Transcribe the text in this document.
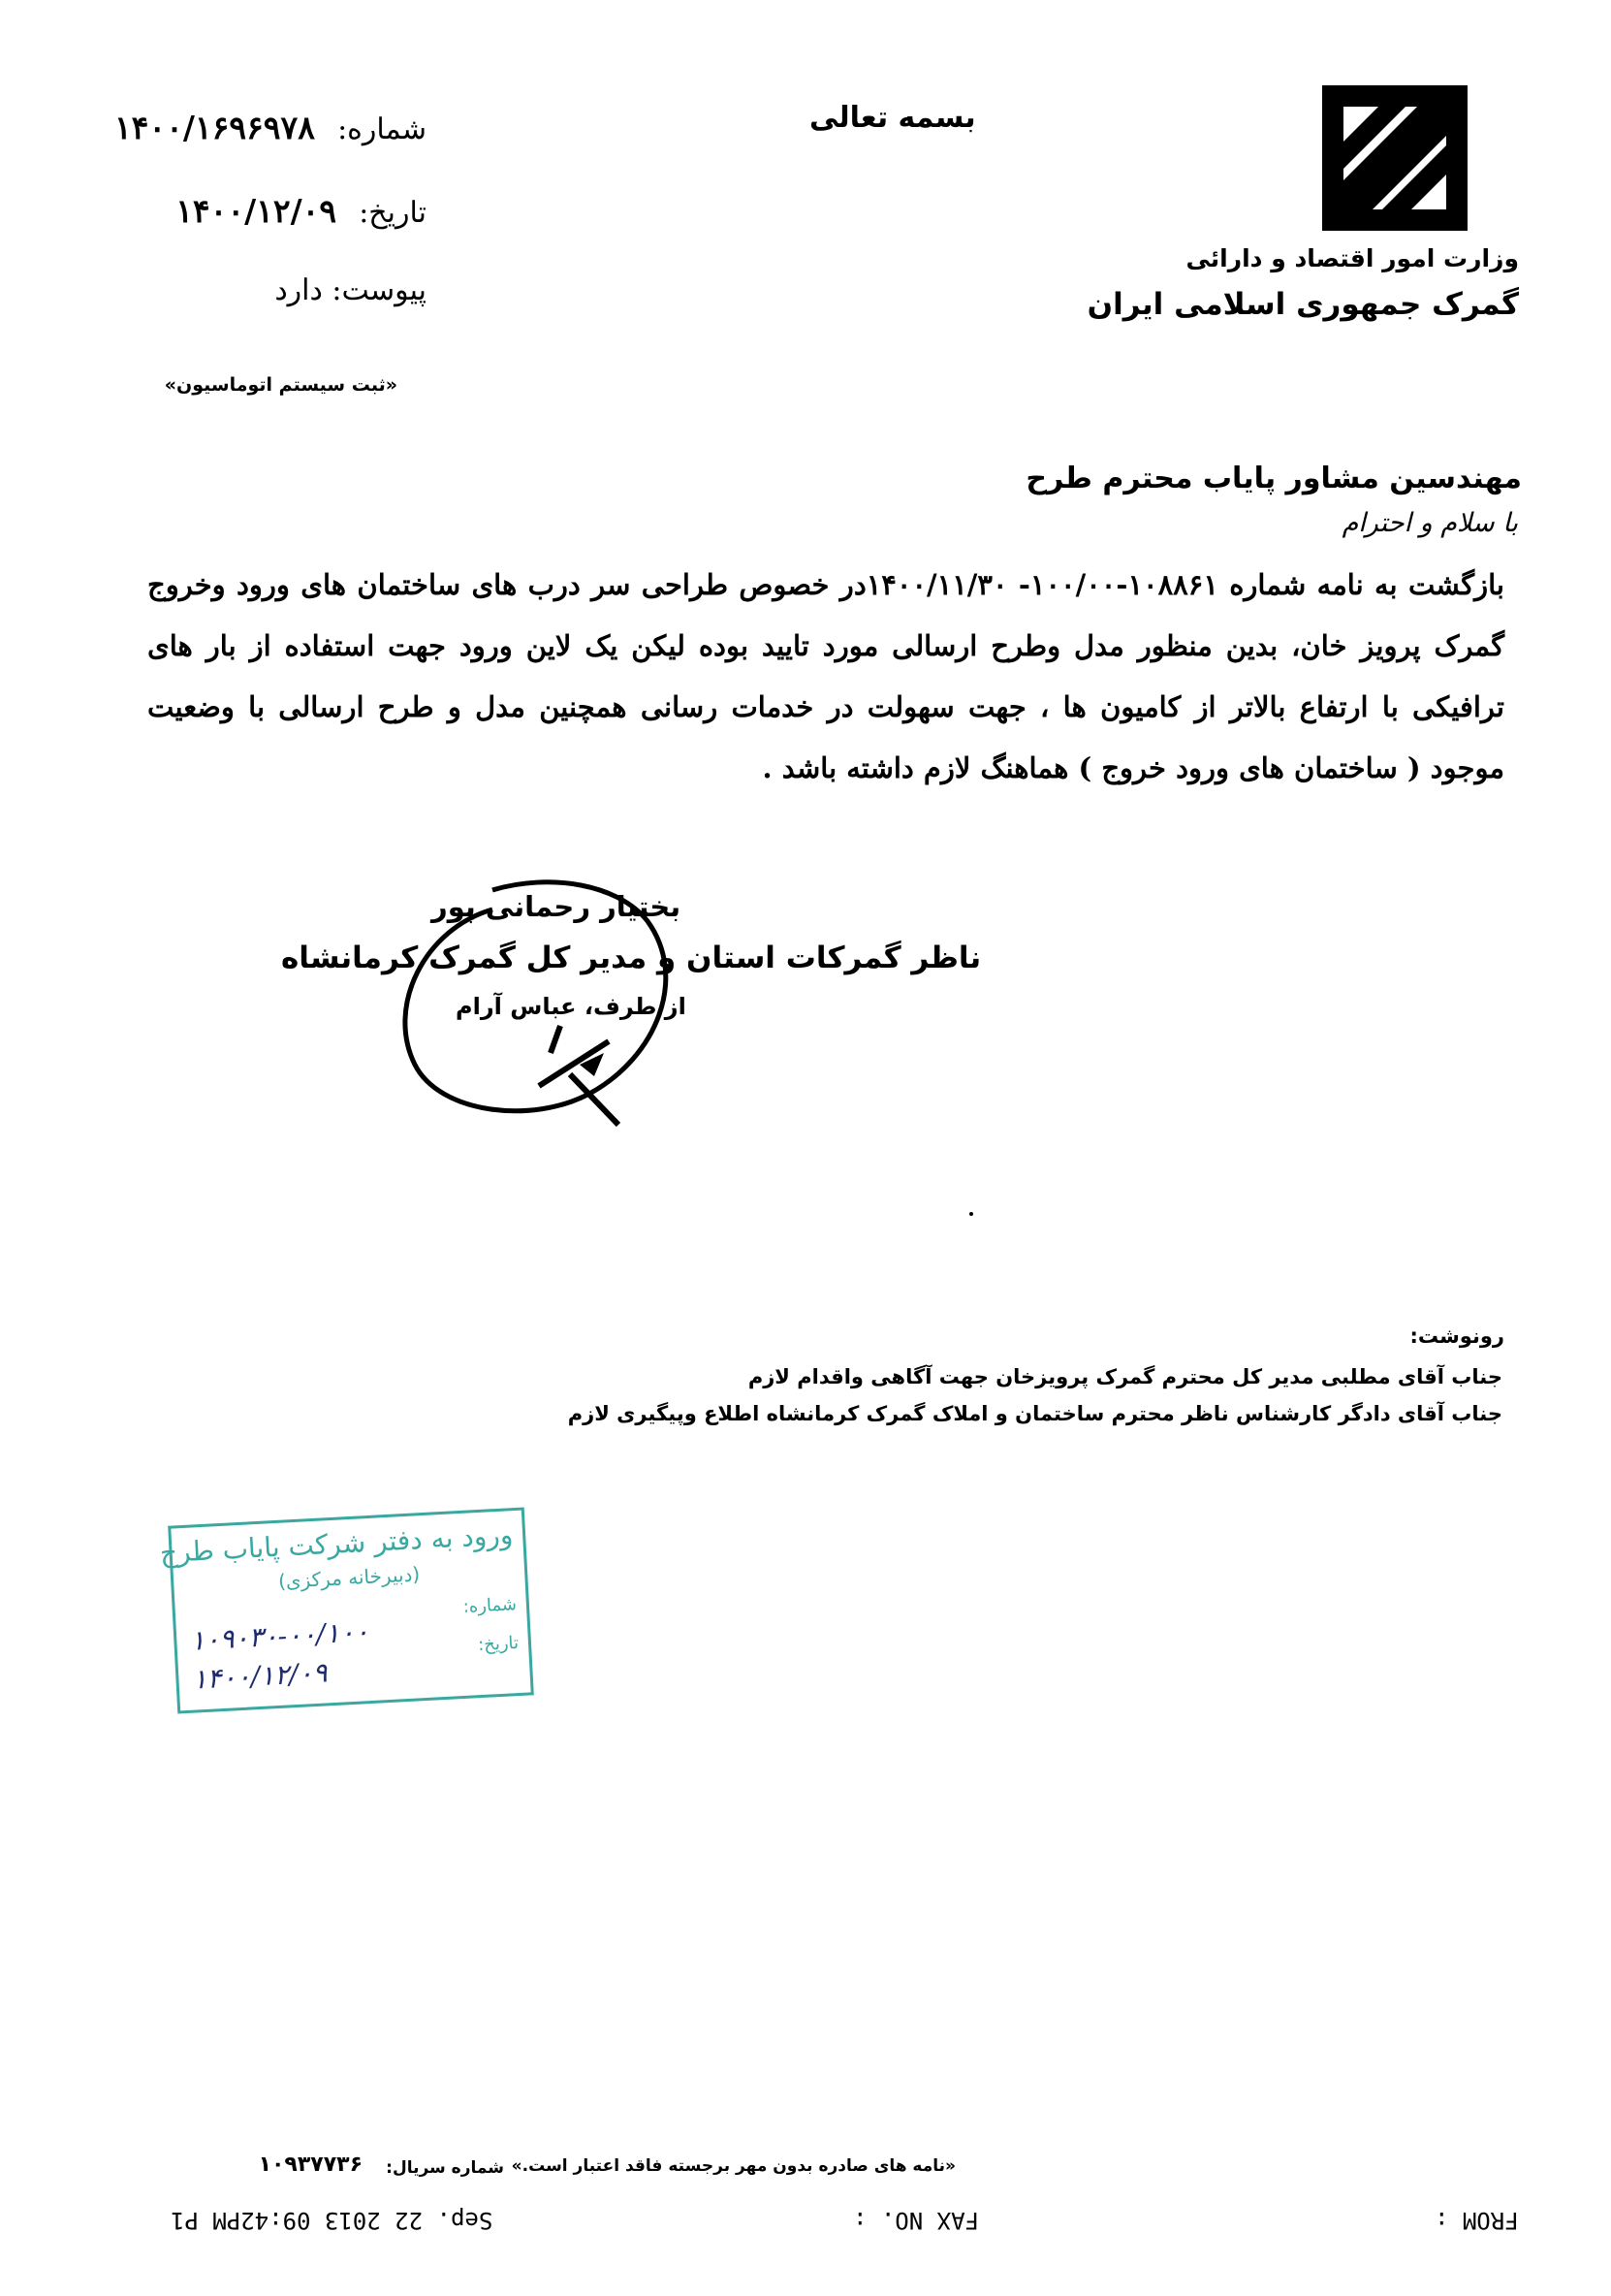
وزارت امور اقتصاد و دارائی
گمرک جمهوری اسلامی ایران
بسمه تعالی
شماره: ۱۴۰۰/۱۶۹۶۹۷۸
تاریخ: ۱۴۰۰/۱۲/۰۹
پیوست: دارد
«ثبت سیستم اتوماسیون»
مهندسین مشاور پایاب محترم طرح
با سلام و احترام
بازگشت به نامه شماره ۱۰۸۸۶۱-۱۰۰/۰۰- ۱۴۰۰/۱۱/۳۰در خصوص طراحی سر درب های ساختمان های ورود وخروج گمرک پرویز خان، بدین منظور مدل وطرح ارسالی مورد تایید بوده لیکن یک لاین ورود جهت استفاده از بار های ترافیکی با ارتفاع بالاتر از کامیون ها ، جهت سهولت در خدمات رسانی همچنین مدل و طرح ارسالی با وضعیت موجود ( ساختمان های ورود خروج ) هماهنگ لازم داشته باشد .
بختیار رحمانی پور
ناظر گمرکات استان و مدیر کل گمرک کرمانشاه
از طرف، عباس آرام
رونوشت:
جناب آقای مطلبی مدیر کل محترم گمرک پرویزخان جهت آگاهی واقدام لازم
جناب آقای دادگر کارشناس ناظر محترم ساختمان و املاک گمرک کرمانشاه اطلاع وپیگیری لازم
ورود به دفتر شرکت پایاب طرح
(دبیرخانه مرکزی)
شماره:
تاریخ:
۱۰۹۰۳۰-۰۰/۱۰۰
۱۴۰۰/۱۲/۰۹
«نامه های صادره بدون مهر برجسته فاقد اعتبار است.»
شماره سریال:
۱۰۹۳۷۷۳۶
FROM :
FAX NO. :
Sep. 22 2013 09:42PM P1
